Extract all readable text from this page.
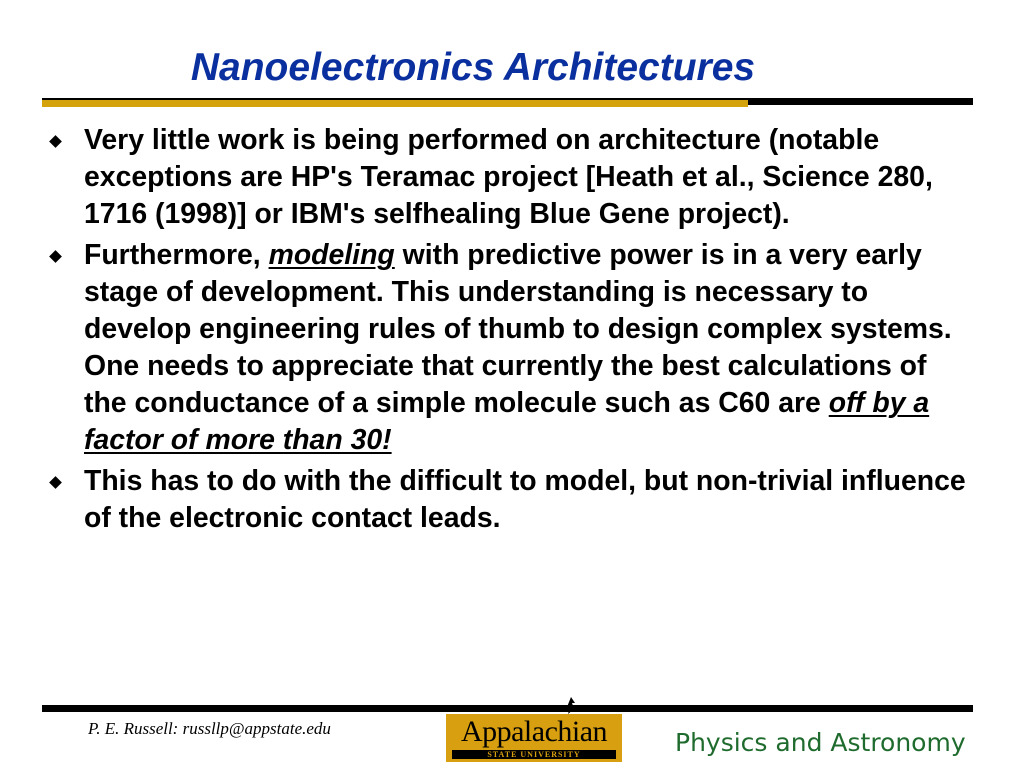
Nanoelectronics Architectures
Very little work is being performed on architecture (notable exceptions are HP's Teramac project [Heath et al., Science 280, 1716 (1998)] or IBM's selfhealing Blue Gene project).
Furthermore, modeling with predictive power is in a very early stage of development. This understanding is necessary to develop engineering rules of thumb to design complex systems. One needs to appreciate that currently the best calculations of the conductance of a simple molecule such as C60 are off by a factor of more than 30!
This has to do with the difficult to model, but non-trivial influence of the electronic contact leads.
P. E. Russell: russllp@appstate.edu	Appalachian
STATE UNIVERSITY	Physics and Astronomy
